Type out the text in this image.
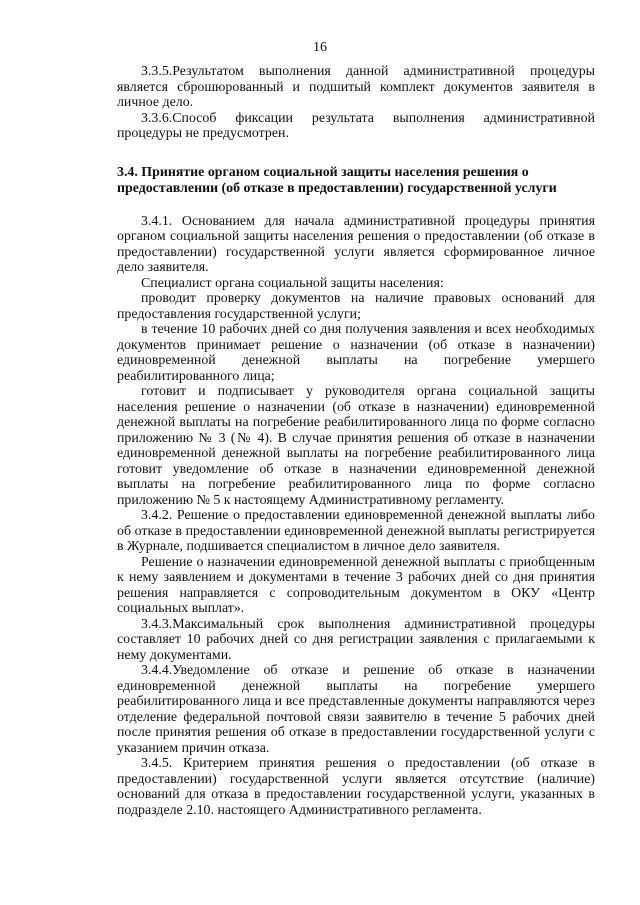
16

3.3.5.Результатом выполнения данной административной процедуры является сброшюрованный и подшитый комплект документов заявителя в личное дело.

3.3.6.Способ фиксации результата выполнения административной процедуры не предусмотрен.

3.4. Принятие органом социальной защиты населения решения о предоставлении (об отказе в предоставлении) государственной услуги

3.4.1. Основанием для начала административной процедуры принятия органом социальной защиты населения решения о предоставлении (об отказе в предоставлении) государственной услуги является сформированное личное дело заявителя.

Специалист органа социальной защиты населения:

проводит проверку документов на наличие правовых оснований для предоставления государственной услуги;

в течение 10 рабочих дней со дня получения заявления и всех необходимых документов принимает решение о назначении (об отказе в назначении) единовременной денежной выплаты на погребение умершего реабилитированного лица;

готовит и подписывает у руководителя органа социальной защиты населения решение о назначении (об отказе в назначении) единовременной денежной выплаты на погребение реабилитированного лица по форме согласно приложению № 3 (№ 4). В случае принятия решения об отказе в назначении единовременной денежной выплаты на погребение реабилитированного лица готовит уведомление об отказе в назначении единовременной денежной выплаты на погребение реабилитированного лица по форме согласно приложению № 5 к настоящему Административному регламенту.

3.4.2. Решение о предоставлении единовременной денежной выплаты либо об отказе в предоставлении единовременной денежной выплаты регистрируется в Журнале, подшивается специалистом в личное дело заявителя.

Решение о назначении единовременной денежной выплаты с приобщенным к нему заявлением и документами в течение 3 рабочих дней со дня принятия решения направляется с сопроводительным документом в ОКУ «Центр социальных выплат».

3.4.3.Максимальный срок выполнения административной процедуры составляет 10 рабочих дней со дня регистрации заявления с прилагаемыми к нему документами.

3.4.4.Уведомление об отказе и решение об отказе в назначении единовременной денежной выплаты на погребение умершего реабилитированного лица и все представленные документы направляются через отделение федеральной почтовой связи заявителю в течение 5 рабочих дней после принятия решения об отказе в предоставлении государственной услуги с указанием причин отказа.

3.4.5. Критерием принятия решения о предоставлении (об отказе в предоставлении) государственной услуги является отсутствие (наличие) оснований для отказа в предоставлении государственной услуги, указанных в подразделе 2.10. настоящего Административного регламента.
